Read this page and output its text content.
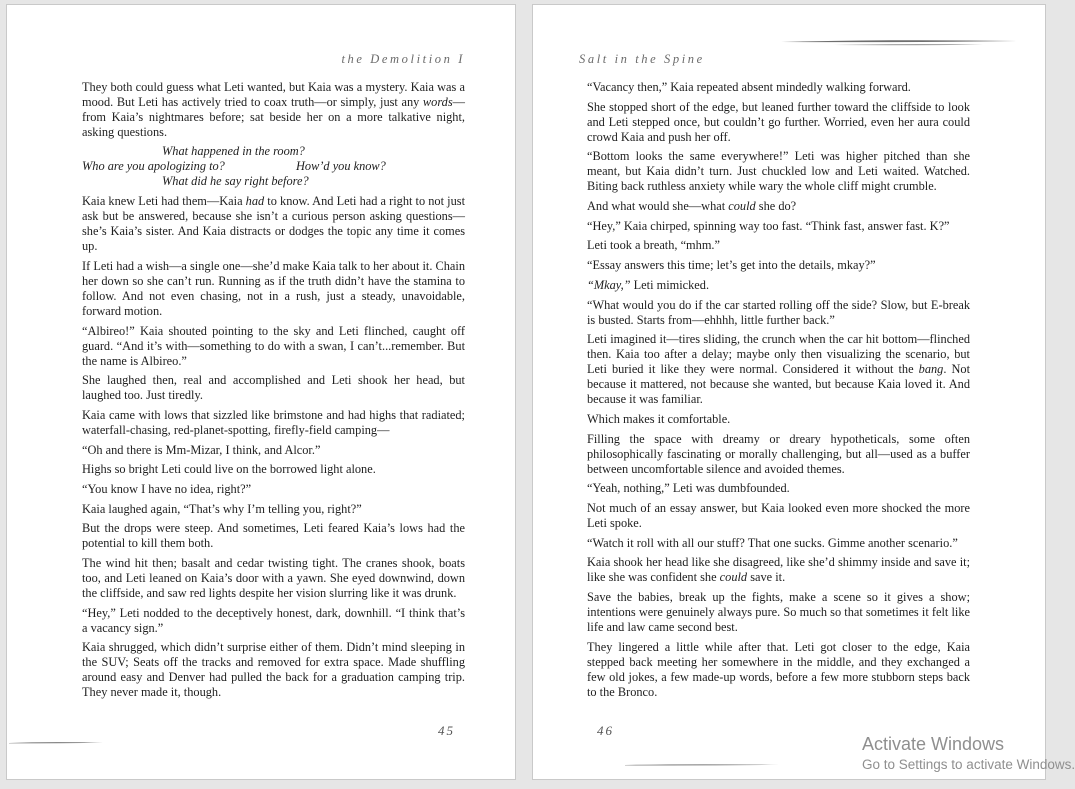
the Demolition I

They both could guess what Leti wanted, but Kaia was a mystery. Kaia was a mood. But Leti has actively tried to coax truth—or simply, just any words—from Kaia’s nightmares before; sat beside her on a more talkative night, asking questions.

What happened in the room?
Who are you apologizing to?	How’d you know?
What did he say right before?

Kaia knew Leti had them—Kaia had to know. And Leti had a right to not just ask but be answered, because she isn’t a curious person asking questions— she’s Kaia’s sister. And Kaia distracts or dodges the topic any time it comes up.

If Leti had a wish—a single one—she’d make Kaia talk to her about it. Chain her down so she can’t run. Running as if the truth didn’t have the stamina to follow. And not even chasing, not in a rush, just a steady, unavoidable, forward motion.

“Albireo!” Kaia shouted pointing to the sky and Leti flinched, caught off guard. “And it’s with—something to do with a swan, I can’t...remember. But the name is Albireo.”

She laughed then, real and accomplished and Leti shook her head, but laughed too. Just tiredly.

Kaia came with lows that sizzled like brimstone and had highs that radiated; waterfall-chasing, red-planet-spotting, firefly-field camping—

“Oh and there is Mm-Mizar, I think, and Alcor.”

Highs so bright Leti could live on the borrowed light alone.

“You know I have no idea, right?”

Kaia laughed again, “That’s why I’m telling you, right?”

But the drops were steep. And sometimes, Leti feared Kaia’s lows had the potential to kill them both.

The wind hit then; basalt and cedar twisting tight. The cranes shook, boats too, and Leti leaned on Kaia’s door with a yawn. She eyed downwind, down the cliffside, and saw red lights despite her vision slurring like it was drunk.

“Hey,” Leti nodded to the deceptively honest, dark, downhill. “I think that’s a vacancy sign.”

Kaia shrugged, which didn’t surprise either of them. Didn’t mind sleeping in the SUV; Seats off the tracks and removed for extra space. Made shuffling around easy and Denver had pulled the back for a graduation camping trip. They never made it, though.

45
Salt in the Spine

“Vacancy then,” Kaia repeated absent mindedly walking forward.

She stopped short of the edge, but leaned further toward the cliffside to look and Leti stepped once, but couldn’t go further. Worried, even her aura could crowd Kaia and push her off.

“Bottom looks the same everywhere!” Leti was higher pitched than she meant, but Kaia didn’t turn. Just chuckled low and Leti waited. Watched. Biting back ruthless anxiety while wary the whole cliff might crumble.

And what would she—what could she do?

“Hey,” Kaia chirped, spinning way too fast. “Think fast, answer fast. K?”

Leti took a breath, “mhm.”

“Essay answers this time; let’s get into the details, mkay?”

“Mkay,” Leti mimicked.

“What would you do if the car started rolling off the side? Slow, but E-break is busted. Starts from—ehhhh, little further back.”

Leti imagined it—tires sliding, the crunch when the car hit bottom—flinched then. Kaia too after a delay; maybe only then visualizing the scenario, but Leti buried it like they were normal. Considered it without the bang. Not because it mattered, not because she wanted, but because Kaia loved it. And because it was familiar.

Which makes it comfortable.

Filling the space with dreamy or dreary hypotheticals, some often philosophically fascinating or morally challenging, but all—used as a buffer between uncomfortable silence and avoided themes.

“Yeah, nothing,” Leti was dumbfounded.

Not much of an essay answer, but Kaia looked even more shocked the more Leti spoke.

“Watch it roll with all our stuff? That one sucks. Gimme another scenario.”

Kaia shook her head like she disagreed, like she’d shimmy inside and save it; like she was confident she could save it.

Save the babies, break up the fights, make a scene so it gives a show; intentions were genuinely always pure. So much so that sometimes it felt like life and law came second best.

They lingered a little while after that. Leti got closer to the edge, Kaia stepped back meeting her somewhere in the middle, and they exchanged a few old jokes, a few made-up words, before a few more stubborn steps back to the Bronco.

46
Activate Windows
Go to Settings to activate Windows.
